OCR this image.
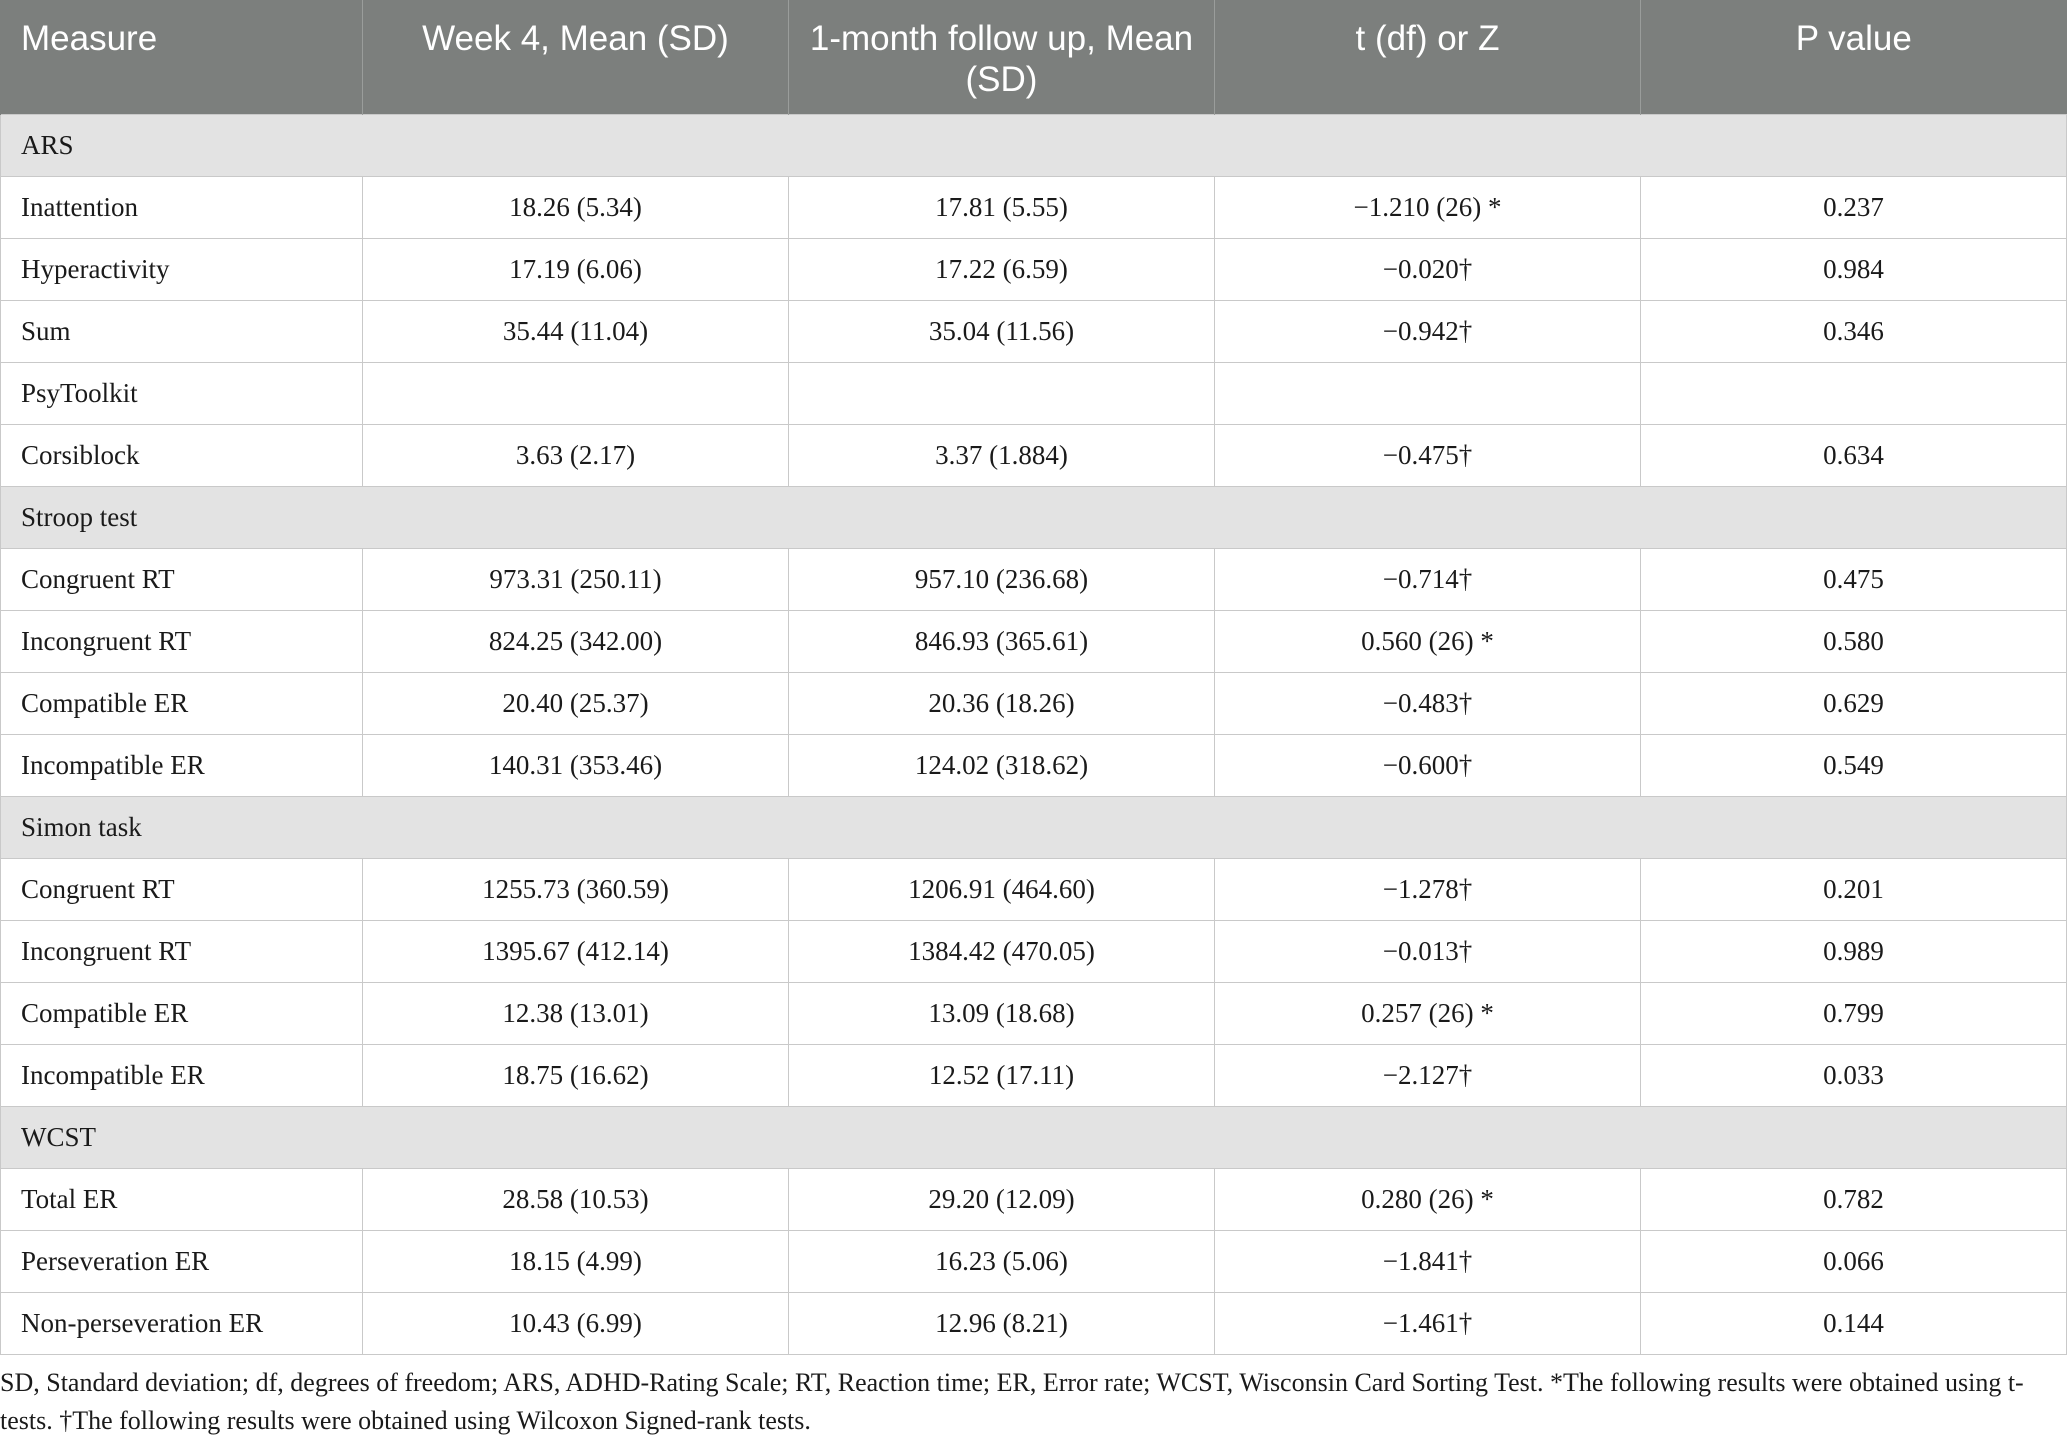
Measure	Week 4, Mean (SD)	1-month follow up, Mean (SD)	t (df) or Z	P value
ARS				
Inattention	18.26 (5.34)	17.81 (5.55)	−1.210 (26) *	0.237
Hyperactivity	17.19 (6.06)	17.22 (6.59)	−0.020†	0.984
Sum	35.44 (11.04)	35.04 (11.56)	−0.942†	0.346
PsyToolkit				
Corsiblock	3.63 (2.17)	3.37 (1.884)	−0.475†	0.634
Stroop test				
Congruent RT	973.31 (250.11)	957.10 (236.68)	−0.714†	0.475
Incongruent RT	824.25 (342.00)	846.93 (365.61)	0.560 (26) *	0.580
Compatible ER	20.40 (25.37)	20.36 (18.26)	−0.483†	0.629
Incompatible ER	140.31 (353.46)	124.02 (318.62)	−0.600†	0.549
Simon task				
Congruent RT	1255.73 (360.59)	1206.91 (464.60)	−1.278†	0.201
Incongruent RT	1395.67 (412.14)	1384.42 (470.05)	−0.013†	0.989
Compatible ER	12.38 (13.01)	13.09 (18.68)	0.257 (26) *	0.799
Incompatible ER	18.75 (16.62)	12.52 (17.11)	−2.127†	0.033
WCST				
Total ER	28.58 (10.53)	29.20 (12.09)	0.280 (26) *	0.782
Perseveration ER	18.15 (4.99)	16.23 (5.06)	−1.841†	0.066
Non-perseveration ER	10.43 (6.99)	12.96 (8.21)	−1.461†	0.144
SD, Standard deviation; df, degrees of freedom; ARS, ADHD-Rating Scale; RT, Reaction time; ER, Error rate; WCST, Wisconsin Card Sorting Test. *The following results were obtained using t-tests. †The following results were obtained using Wilcoxon Signed-rank tests.
